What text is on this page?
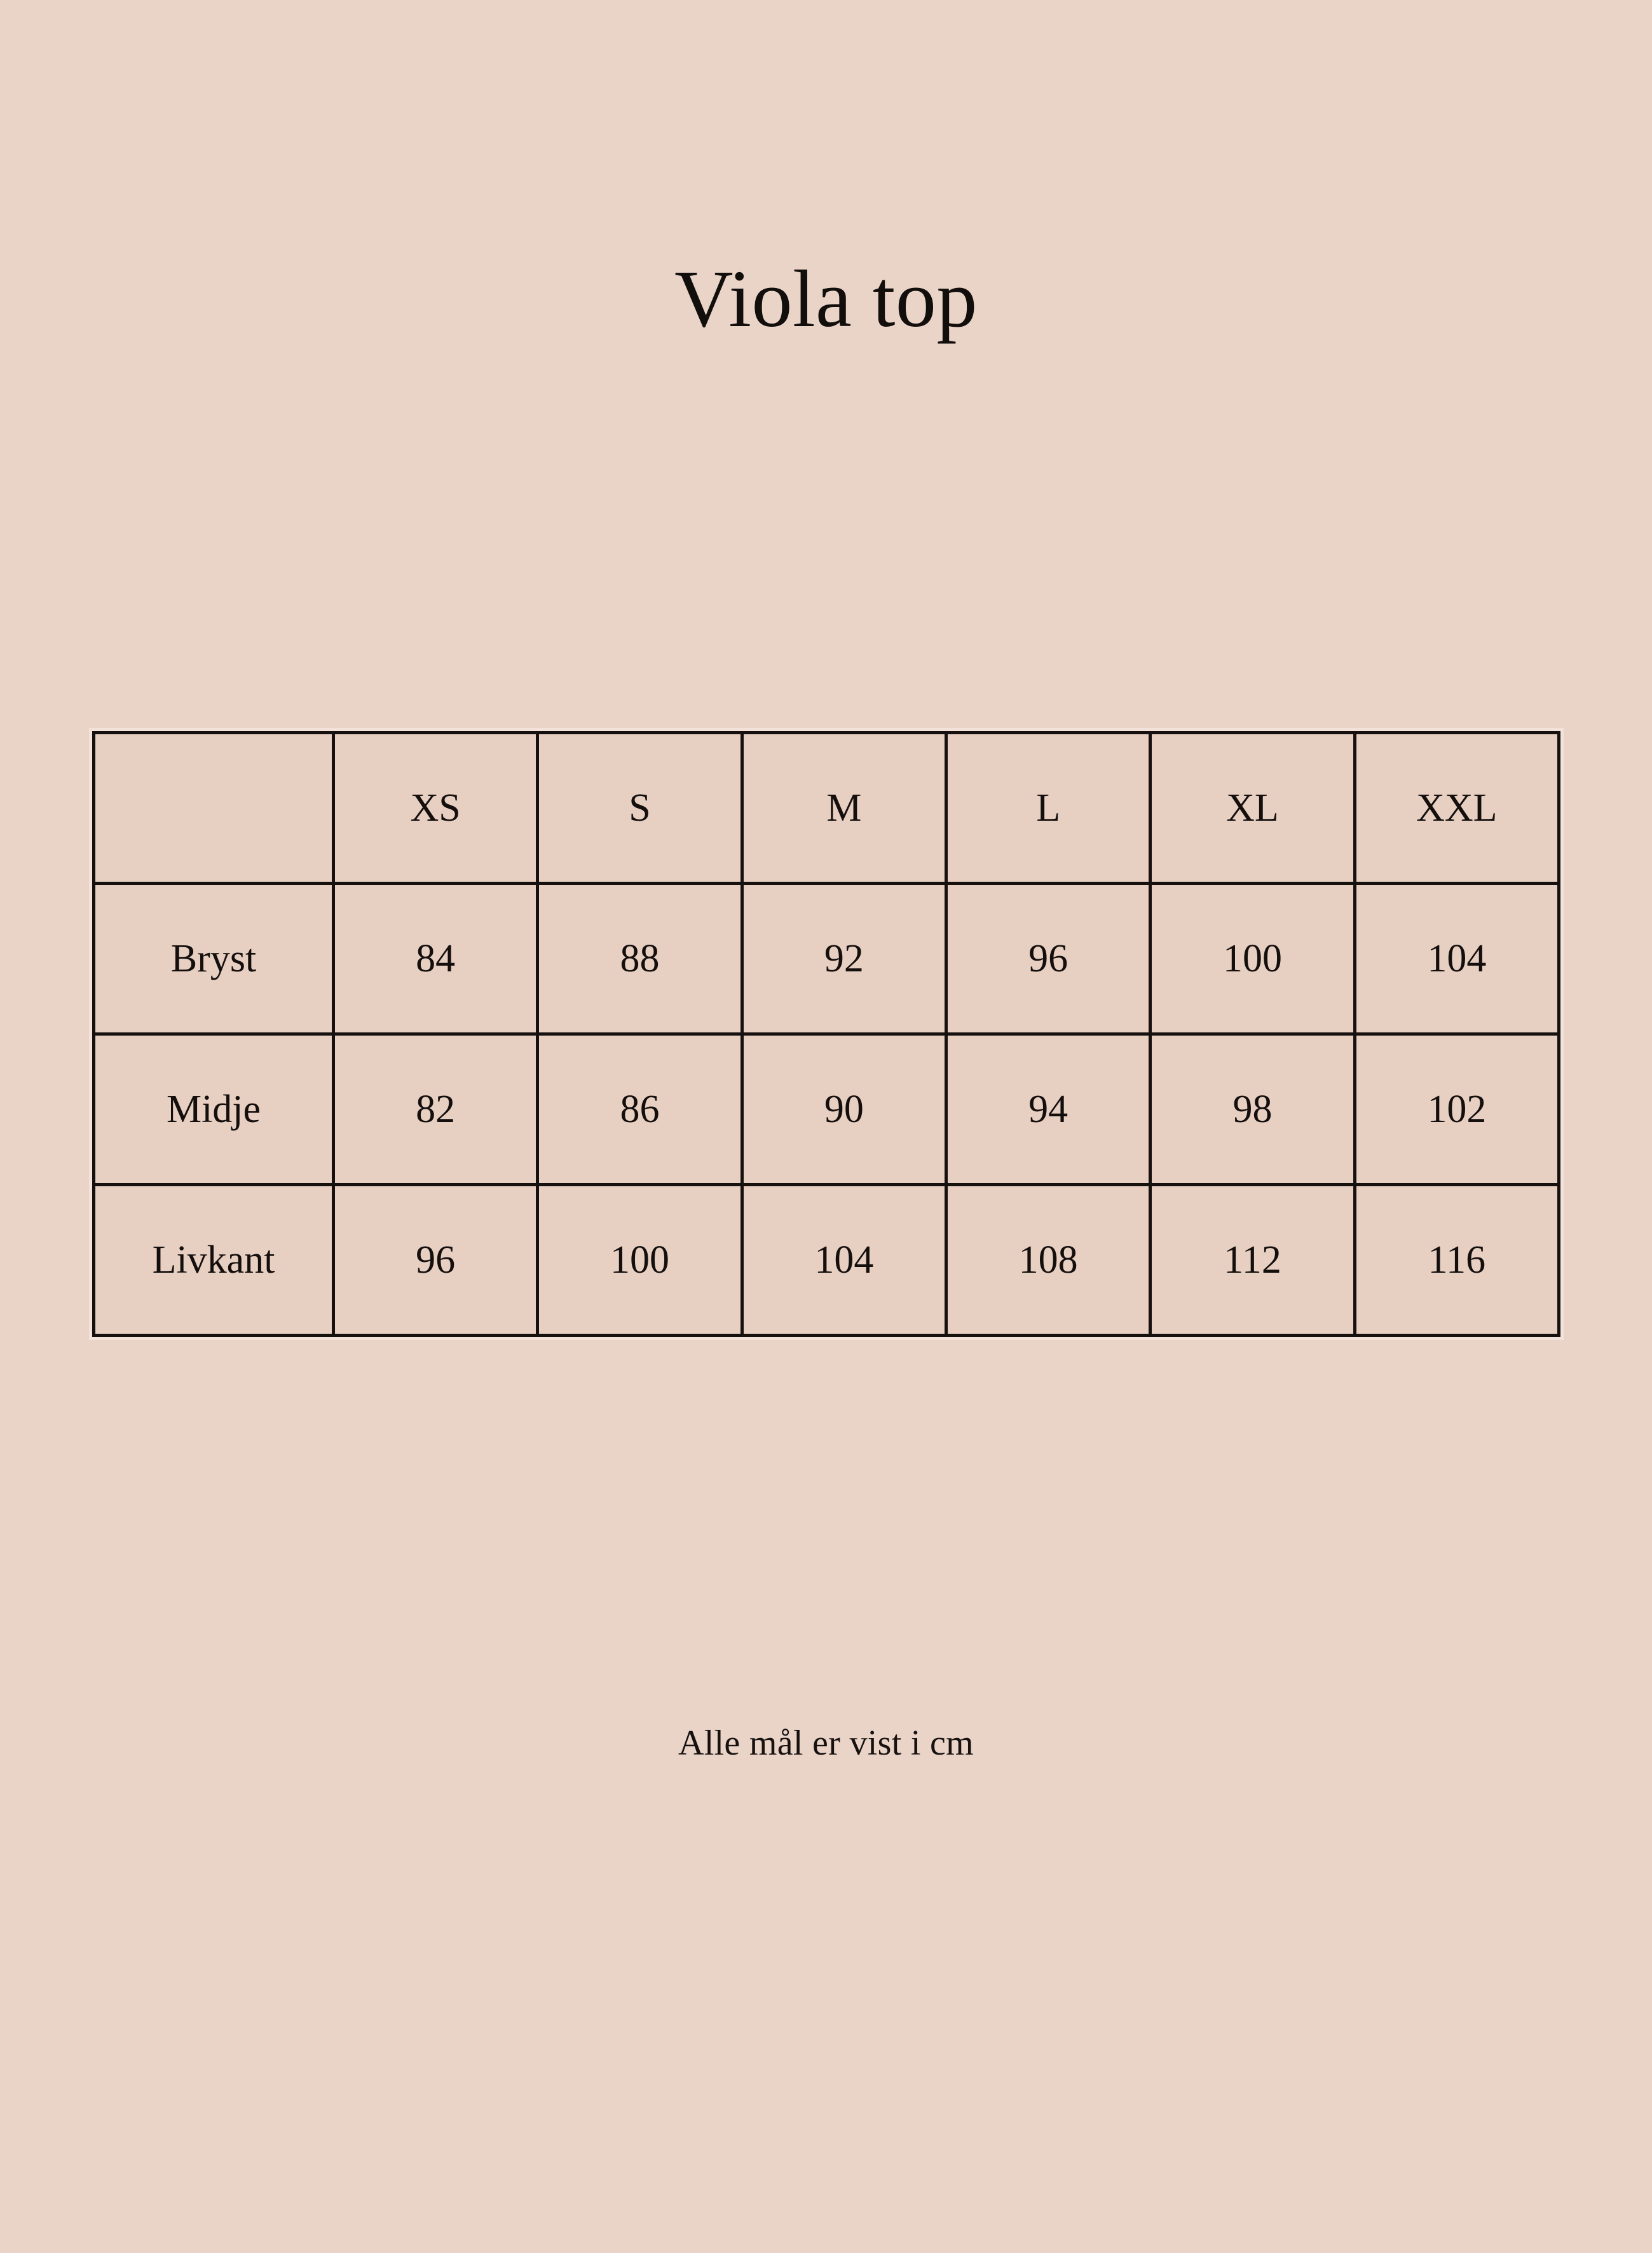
Viola top
	XS	S	M	L	XL	XXL
Bryst	84	88	92	96	100	104
Midje	82	86	90	94	98	102
Livkant	96	100	104	108	112	116
Alle mål er vist i cm
